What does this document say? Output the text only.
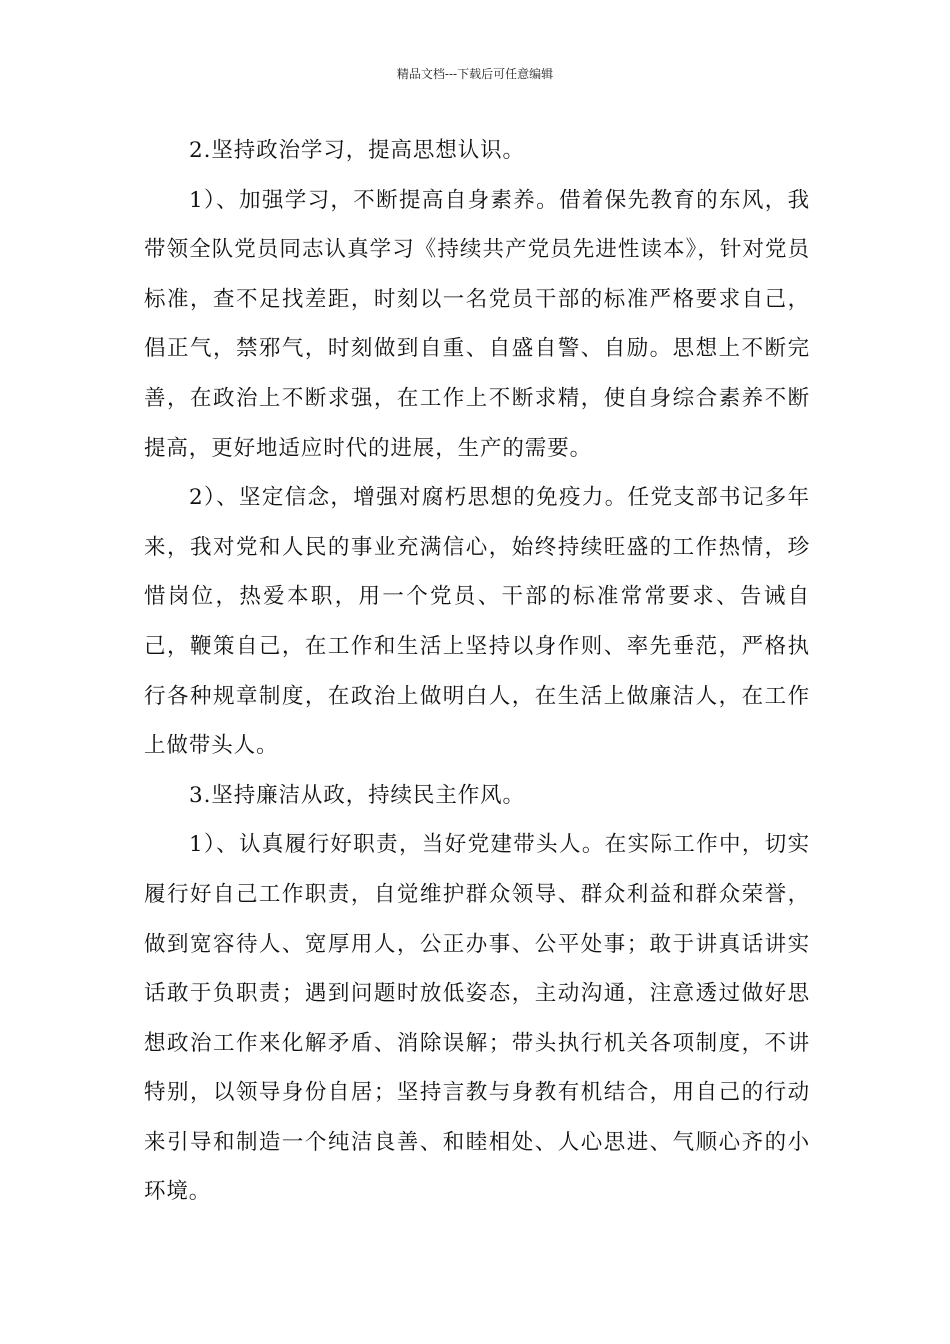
精品文档---下载后可任意编辑

2.坚持政治学习，提高思想认识。

1）、加强学习，不断提高自身素养。借着保先教育的东风，我带领全队党员同志认真学习《持续共产党员先进性读本》，针对党员标准，查不足找差距，时刻以一名党员干部的标准严格要求自己，倡正气，禁邪气，时刻做到自重、自盛自警、自励。思想上不断完善，在政治上不断求强，在工作上不断求精，使自身综合素养不断提高，更好地适应时代的进展，生产的需要。

2）、坚定信念，增强对腐朽思想的免疫力。任党支部书记多年来，我对党和人民的事业充满信心，始终持续旺盛的工作热情，珍惜岗位，热爱本职，用一个党员、干部的标准常常要求、告诫自己，鞭策自己，在工作和生活上坚持以身作则、率先垂范，严格执行各种规章制度，在政治上做明白人，在生活上做廉洁人，在工作上做带头人。

3.坚持廉洁从政，持续民主作风。

1）、认真履行好职责，当好党建带头人。在实际工作中，切实履行好自己工作职责，自觉维护群众领导、群众利益和群众荣誉，做到宽容待人、宽厚用人，公正办事、公平处事；敢于讲真话讲实话敢于负职责；遇到问题时放低姿态，主动沟通，注意透过做好思想政治工作来化解矛盾、消除误解；带头执行机关各项制度，不讲特别，以领导身份自居；坚持言教与身教有机结合，用自己的行动来引导和制造一个纯洁良善、和睦相处、人心思进、气顺心齐的小环境。
